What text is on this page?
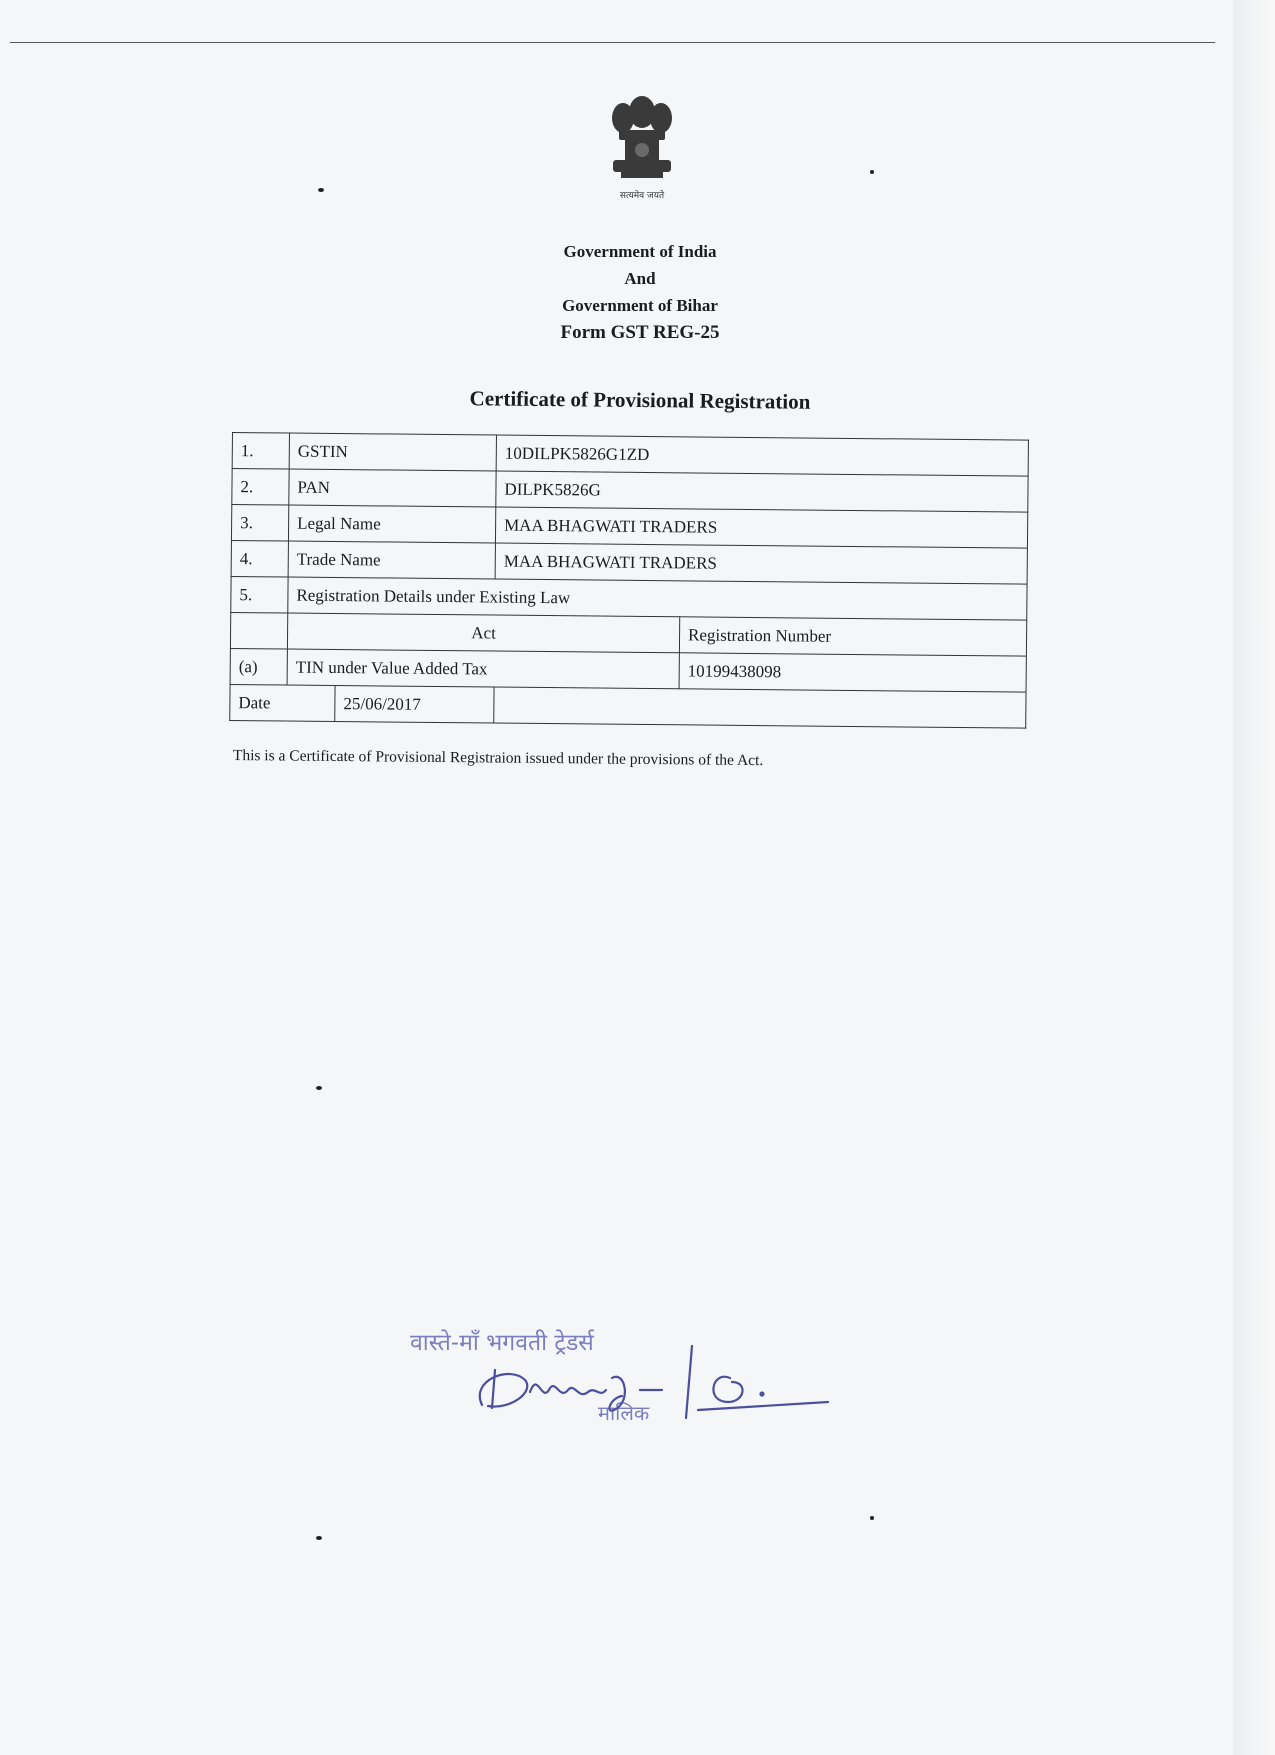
सत्यमेव जयते
Government of India
And
Government of Bihar
Form GST REG-25
Certificate of Provisional Registration
1.	GSTIN	10DILPK5826G1ZD	
2.	PAN	DILPK5826G	
3.	Legal Name	MAA BHAGWATI TRADERS	
4.	Trade Name	MAA BHAGWATI TRADERS	
5.	Registration Details under Existing Law		
	Act		Registration Number
(a)	TIN under Value Added Tax		10199438098

Date 25/06/2017			

This is a Certificate of Provisional Registraion issued under the provisions of the Act.
वास्ते-माँ भगवती ट्रेडर्स
मालिक
